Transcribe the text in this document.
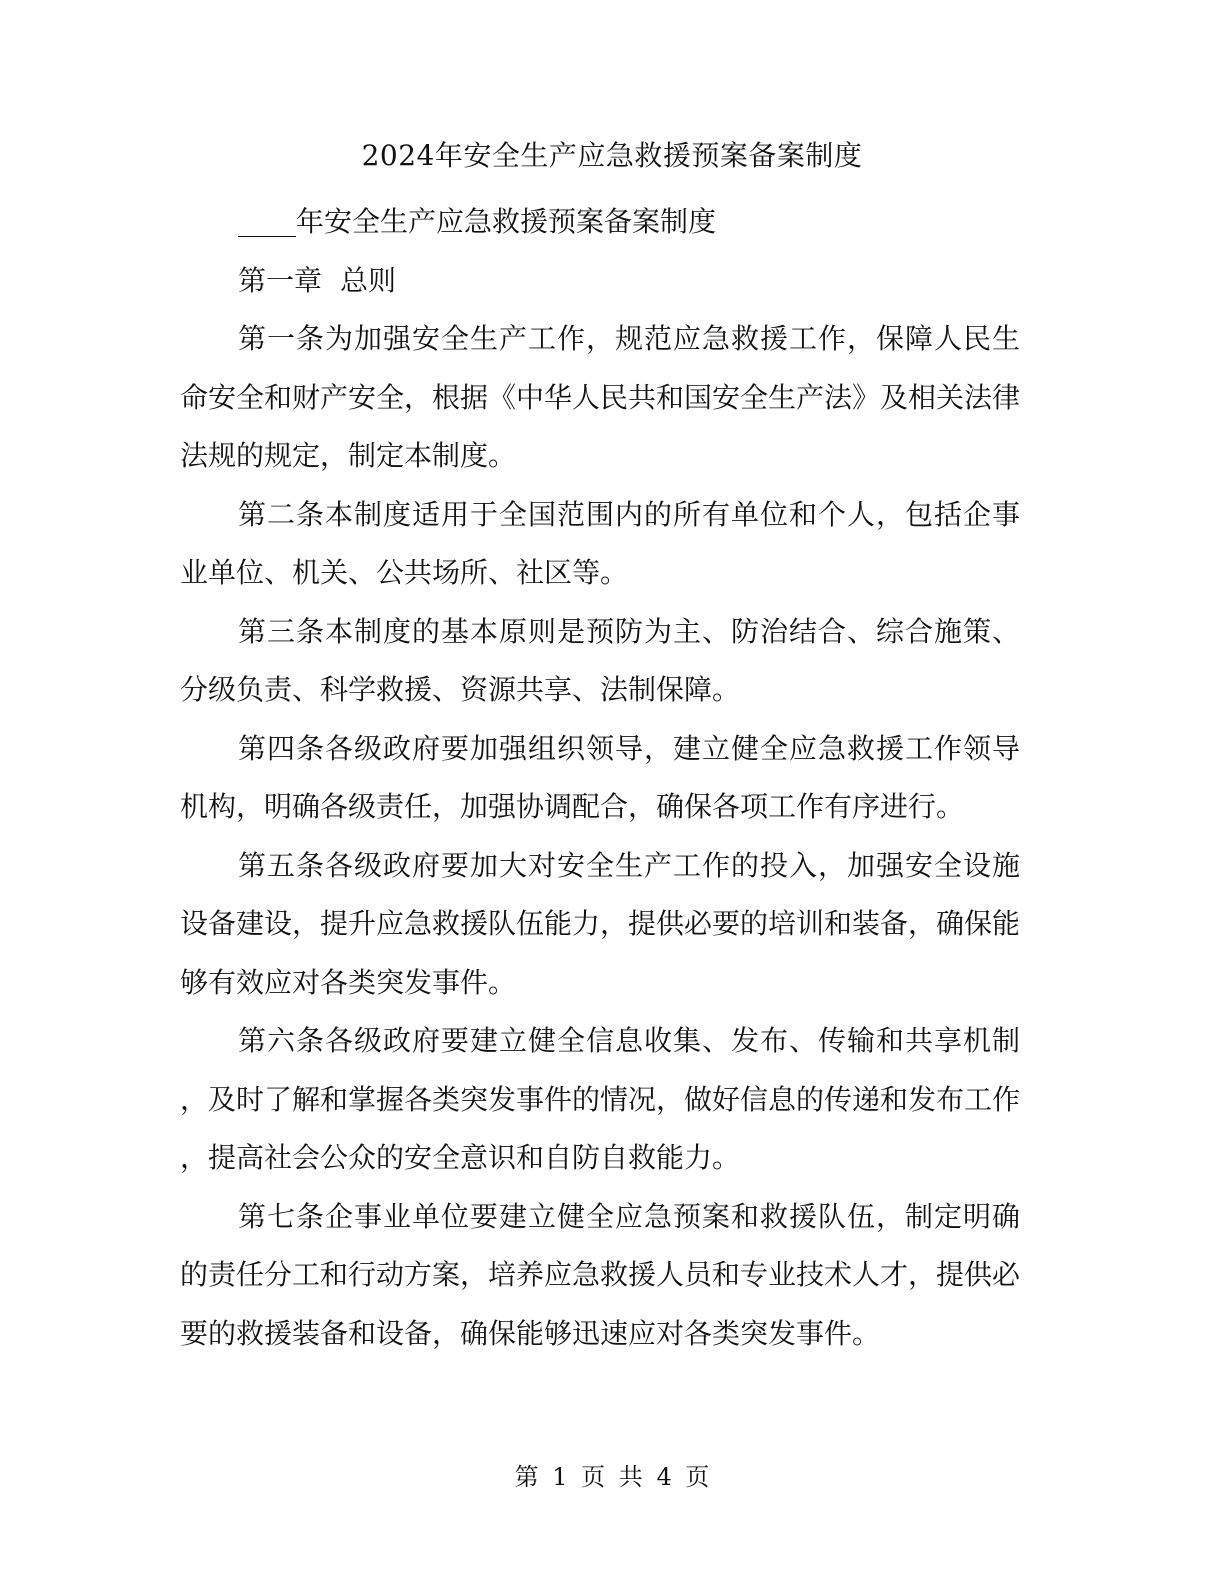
2024年安全生产应急救援预案备案制度

年安全生产应急救援预案备案制度

第一章 总则

第一条为加强安全生产工作，规范应急救援工作，保障人民生命安全和财产安全，根据《中华人民共和国安全生产法》及相关法律法规的规定，制定本制度。

第二条本制度适用于全国范围内的所有单位和个人，包括企事业单位、机关、公共场所、社区等。

第三条本制度的基本原则是预防为主、防治结合、综合施策、分级负责、科学救援、资源共享、法制保障。

第四条各级政府要加强组织领导，建立健全应急救援工作领导机构，明确各级责任，加强协调配合，确保各项工作有序进行。

第五条各级政府要加大对安全生产工作的投入，加强安全设施设备建设，提升应急救援队伍能力，提供必要的培训和装备，确保能够有效应对各类突发事件。

第六条各级政府要建立健全信息收集、发布、传输和共享机制，及时了解和掌握各类突发事件的情况，做好信息的传递和发布工作，提高社会公众的安全意识和自防自救能力。

第七条企事业单位要建立健全应急预案和救援队伍，制定明确的责任分工和行动方案，培养应急救援人员和专业技术人才，提供必要的救援装备和设备，确保能够迅速应对各类突发事件。

第 1 页 共 4 页
